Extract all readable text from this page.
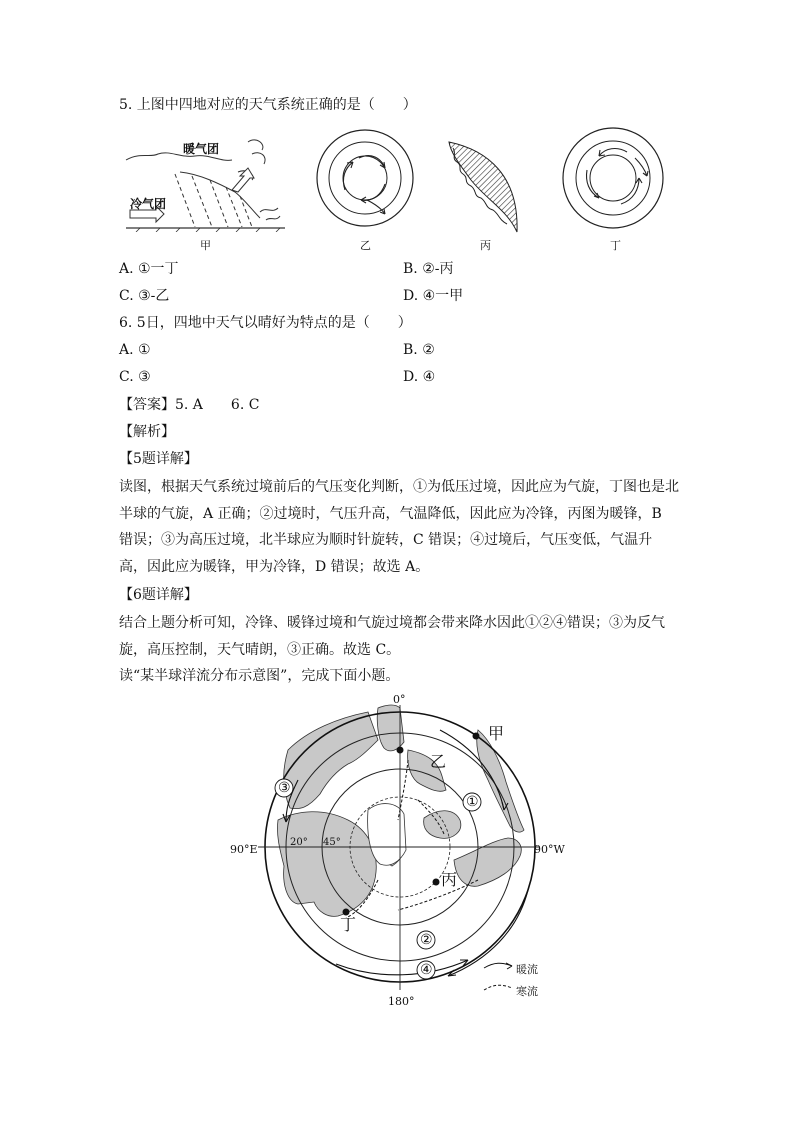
5. 上图中四地对应的天气系统正确的是（　　）
暖气团
冷气团
甲	乙	丙	丁
A. ①一丁	B. ②-丙
C. ③-乙	D. ④一甲
6. 5日，四地中天气以晴好为特点的是（　　）
A. ①	B. ②
C. ③	D. ④
【答案】5. A　　6. C
【解析】
【5题详解】
读图，根据天气系统过境前后的气压变化判断，①为低压过境，因此应为气旋，丁图也是北半球的气旋，A 正确；②过境时，气压升高，气温降低，因此应为冷锋，丙图为暖锋，B 错误；③为高压过境，北半球应为顺时针旋转，C 错误；④过境后，气压变低，气温升高，因此应为暖锋，甲为冷锋，D 错误；故选 A。
【6题详解】
结合上题分析可知，冷锋、暖锋过境和气旋过境都会带来降水因此①②④错误；③为反气旋，高压控制，天气晴朗，③正确。故选 C。
读“某半球洋流分布示意图”，完成下面小题。
0°
180°
90°E	90°W
20° 45°
甲
乙
丙
丁
①
②
③
④	暖流
寒流
